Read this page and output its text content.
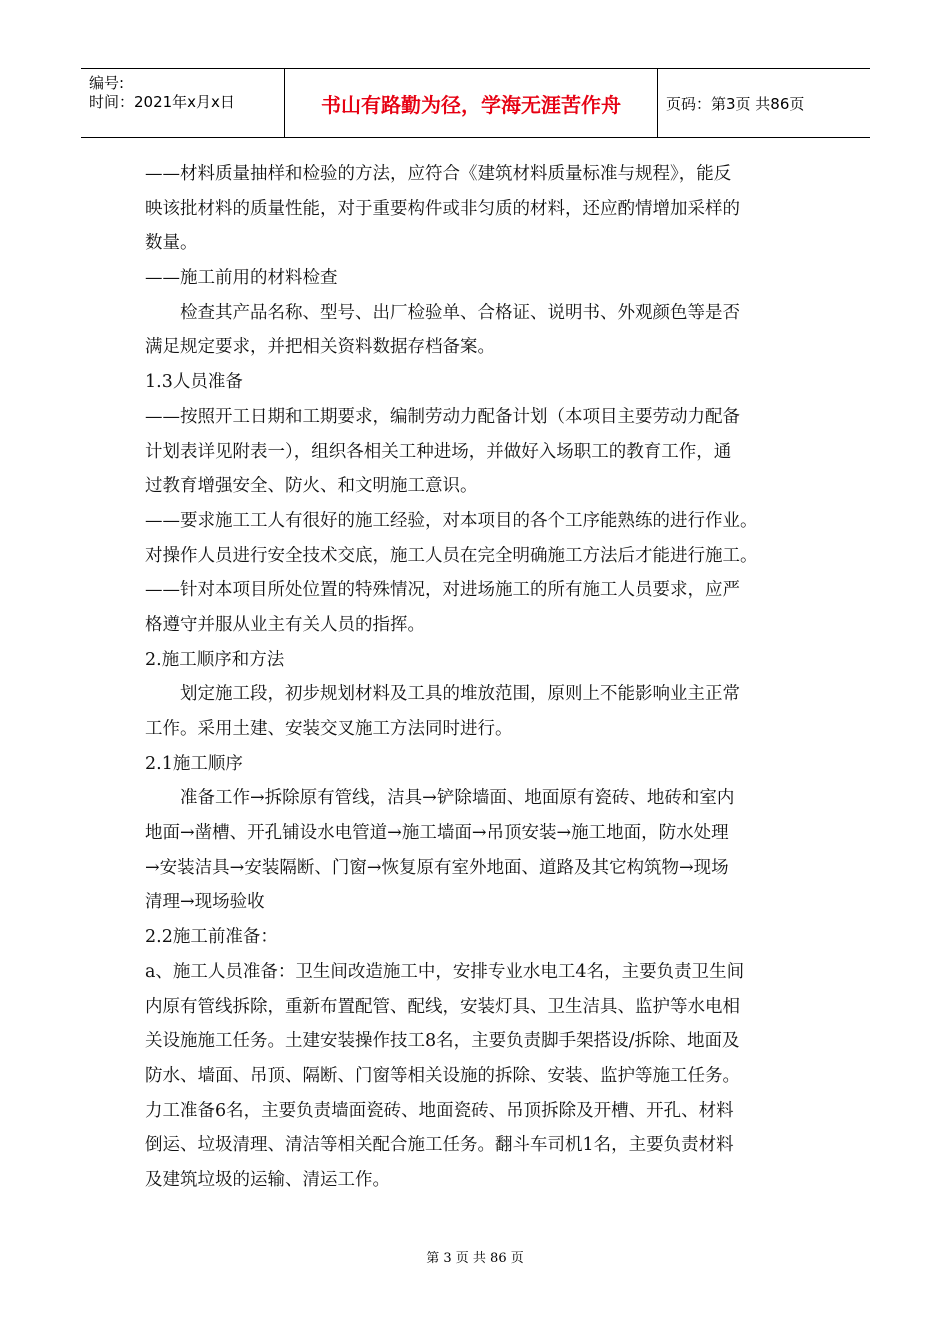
编号:
时间：2021年x月x日	书山有路勤为径，学海无涯苦作舟	页码：第3页 共86页
——材料质量抽样和检验的方法，应符合《建筑材料质量标准与规程》，能反
映该批材料的质量性能，对于重要构件或非匀质的材料，还应酌情增加采样的
数量。
——施工前用的材料检查
检查其产品名称、型号、出厂检验单、合格证、说明书、外观颜色等是否
满足规定要求，并把相关资料数据存档备案。
1.3人员准备
——按照开工日期和工期要求，编制劳动力配备计划（本项目主要劳动力配备
计划表详见附表一），组织各相关工种进场，并做好入场职工的教育工作，通
过教育增强安全、防火、和文明施工意识。
——要求施工工人有很好的施工经验，对本项目的各个工序能熟练的进行作业。
对操作人员进行安全技术交底，施工人员在完全明确施工方法后才能进行施工。
——针对本项目所处位置的特殊情况，对进场施工的所有施工人员要求，应严
格遵守并服从业主有关人员的指挥。
2.施工顺序和方法
划定施工段，初步规划材料及工具的堆放范围，原则上不能影响业主正常
工作。采用土建、安装交叉施工方法同时进行。
2.1施工顺序
准备工作→拆除原有管线，洁具→铲除墙面、地面原有瓷砖、地砖和室内
地面→凿槽、开孔铺设水电管道→施工墙面→吊顶安装→施工地面，防水处理
→安装洁具→安装隔断、门窗→恢复原有室外地面、道路及其它构筑物→现场
清理→现场验收
2.2施工前准备：
a、施工人员准备：卫生间改造施工中，安排专业水电工4名，主要负责卫生间
内原有管线拆除，重新布置配管、配线，安装灯具、卫生洁具、监护等水电相
关设施施工任务。土建安装操作技工8名，主要负责脚手架搭设/拆除、地面及
防水、墙面、吊顶、隔断、门窗等相关设施的拆除、安装、监护等施工任务。
力工准备6名，主要负责墙面瓷砖、地面瓷砖、吊顶拆除及开槽、开孔、材料
倒运、垃圾清理、清洁等相关配合施工任务。翻斗车司机1名，主要负责材料
及建筑垃圾的运输、清运工作。
第 3 页 共 86 页
